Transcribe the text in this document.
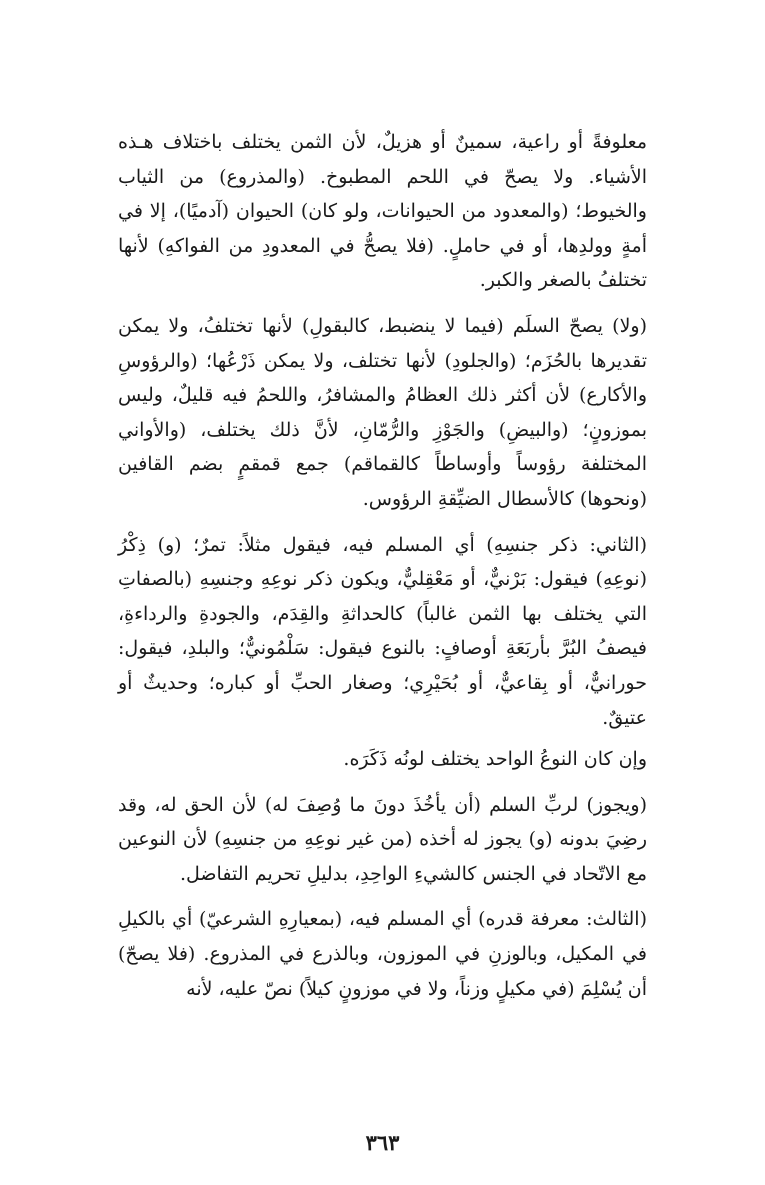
معلوفةً أو راعية، سمينٌ أو هزيلٌ، لأن الثمن يختلف باختلاف هـذه الأشياء. ولا يصحّ في اللحم المطبوخ. (والمذروع) من الثياب والخيوط؛ (والمعدود من الحيوانات، ولو كان) الحيوان (آدميًا)، إلا في أمةٍ وولدِها، أو في حاملٍ. (فلا يصحُّ في المعدودِ من الفواكهِ) لأنها تختلفُ بالصغر والكبر.

(ولا) يصحّ السلَم (فيما لا ينضبط، كالبقولِ) لأنها تختلفُ، ولا يمكن تقديرها بالحُزَم؛ (والجلودِ) لأنها تختلف، ولا يمكن ذَرْعُها؛ (والرؤوسِ والأكارع) لأن أكثر ذلك العظامُ والمشافرُ، واللحمُ فيه قليلٌ، وليس بموزونٍ؛ (والبيضِ) والجَوْزِ والرُّمّانِ، لأنَّ ذلك يختلف، (والأواني المختلفة رؤوساً وأوساطاً كالقماقم) جمع قمقمٍ بضم القافين (ونحوها) كالأسطال الضيِّقةِ الرؤوس.

(الثاني: ذكر جنسِهِ) أي المسلم فيه، فيقول مثلاً: تمرٌ؛ (و) ذِكْرُ (نوعِهِ) فيقول: بَرْنيٌّ، أو مَعْقِليٌّ، ويكون ذكر نوعِهِ وجنسِهِ (بالصفاتِ التي يختلف بها الثمن غالباً) كالحداثةِ والقِدَم، والجودةِ والرداءةِ، فيصفُ البُرَّ بأربَعَةِ أوصافٍ: بالنوع فيقول: سَلْمُونيٌّ؛ والبلدِ، فيقول: حورانيٌّ، أو بِقاعيٌّ، أو بُحَيْرِي؛ وصغار الحبِّ أو كباره؛ وحديثٌ أو عتيقٌ.

وإن كان النوعُ الواحد يختلف لونُه ذَكَرَه.

(ويجوز) لربِّ السلم (أن يأخُذَ دونَ ما وُصِفَ له) لأن الحق له، وقد رضِيَ بدونه (و) يجوز له أخذه (من غير نوعِهِ من جنسِهِ) لأن النوعين مع الاتّحاد في الجنس كالشيءِ الواحِدِ، بدليلِ تحريم التفاضل.

(الثالث: معرفة قدره) أي المسلم فيه، (بمعيارِهِ الشرعيّ) أي بالكيلِ في المكيل، وبالوزنِ في الموزون، وبالذرع في المذروع. (فلا يصحّ) أن يُسْلِمَ (في مكيلٍ وزناً، ولا في موزونٍ كيلاً) نصّ عليه، لأنه

٣٦٣
